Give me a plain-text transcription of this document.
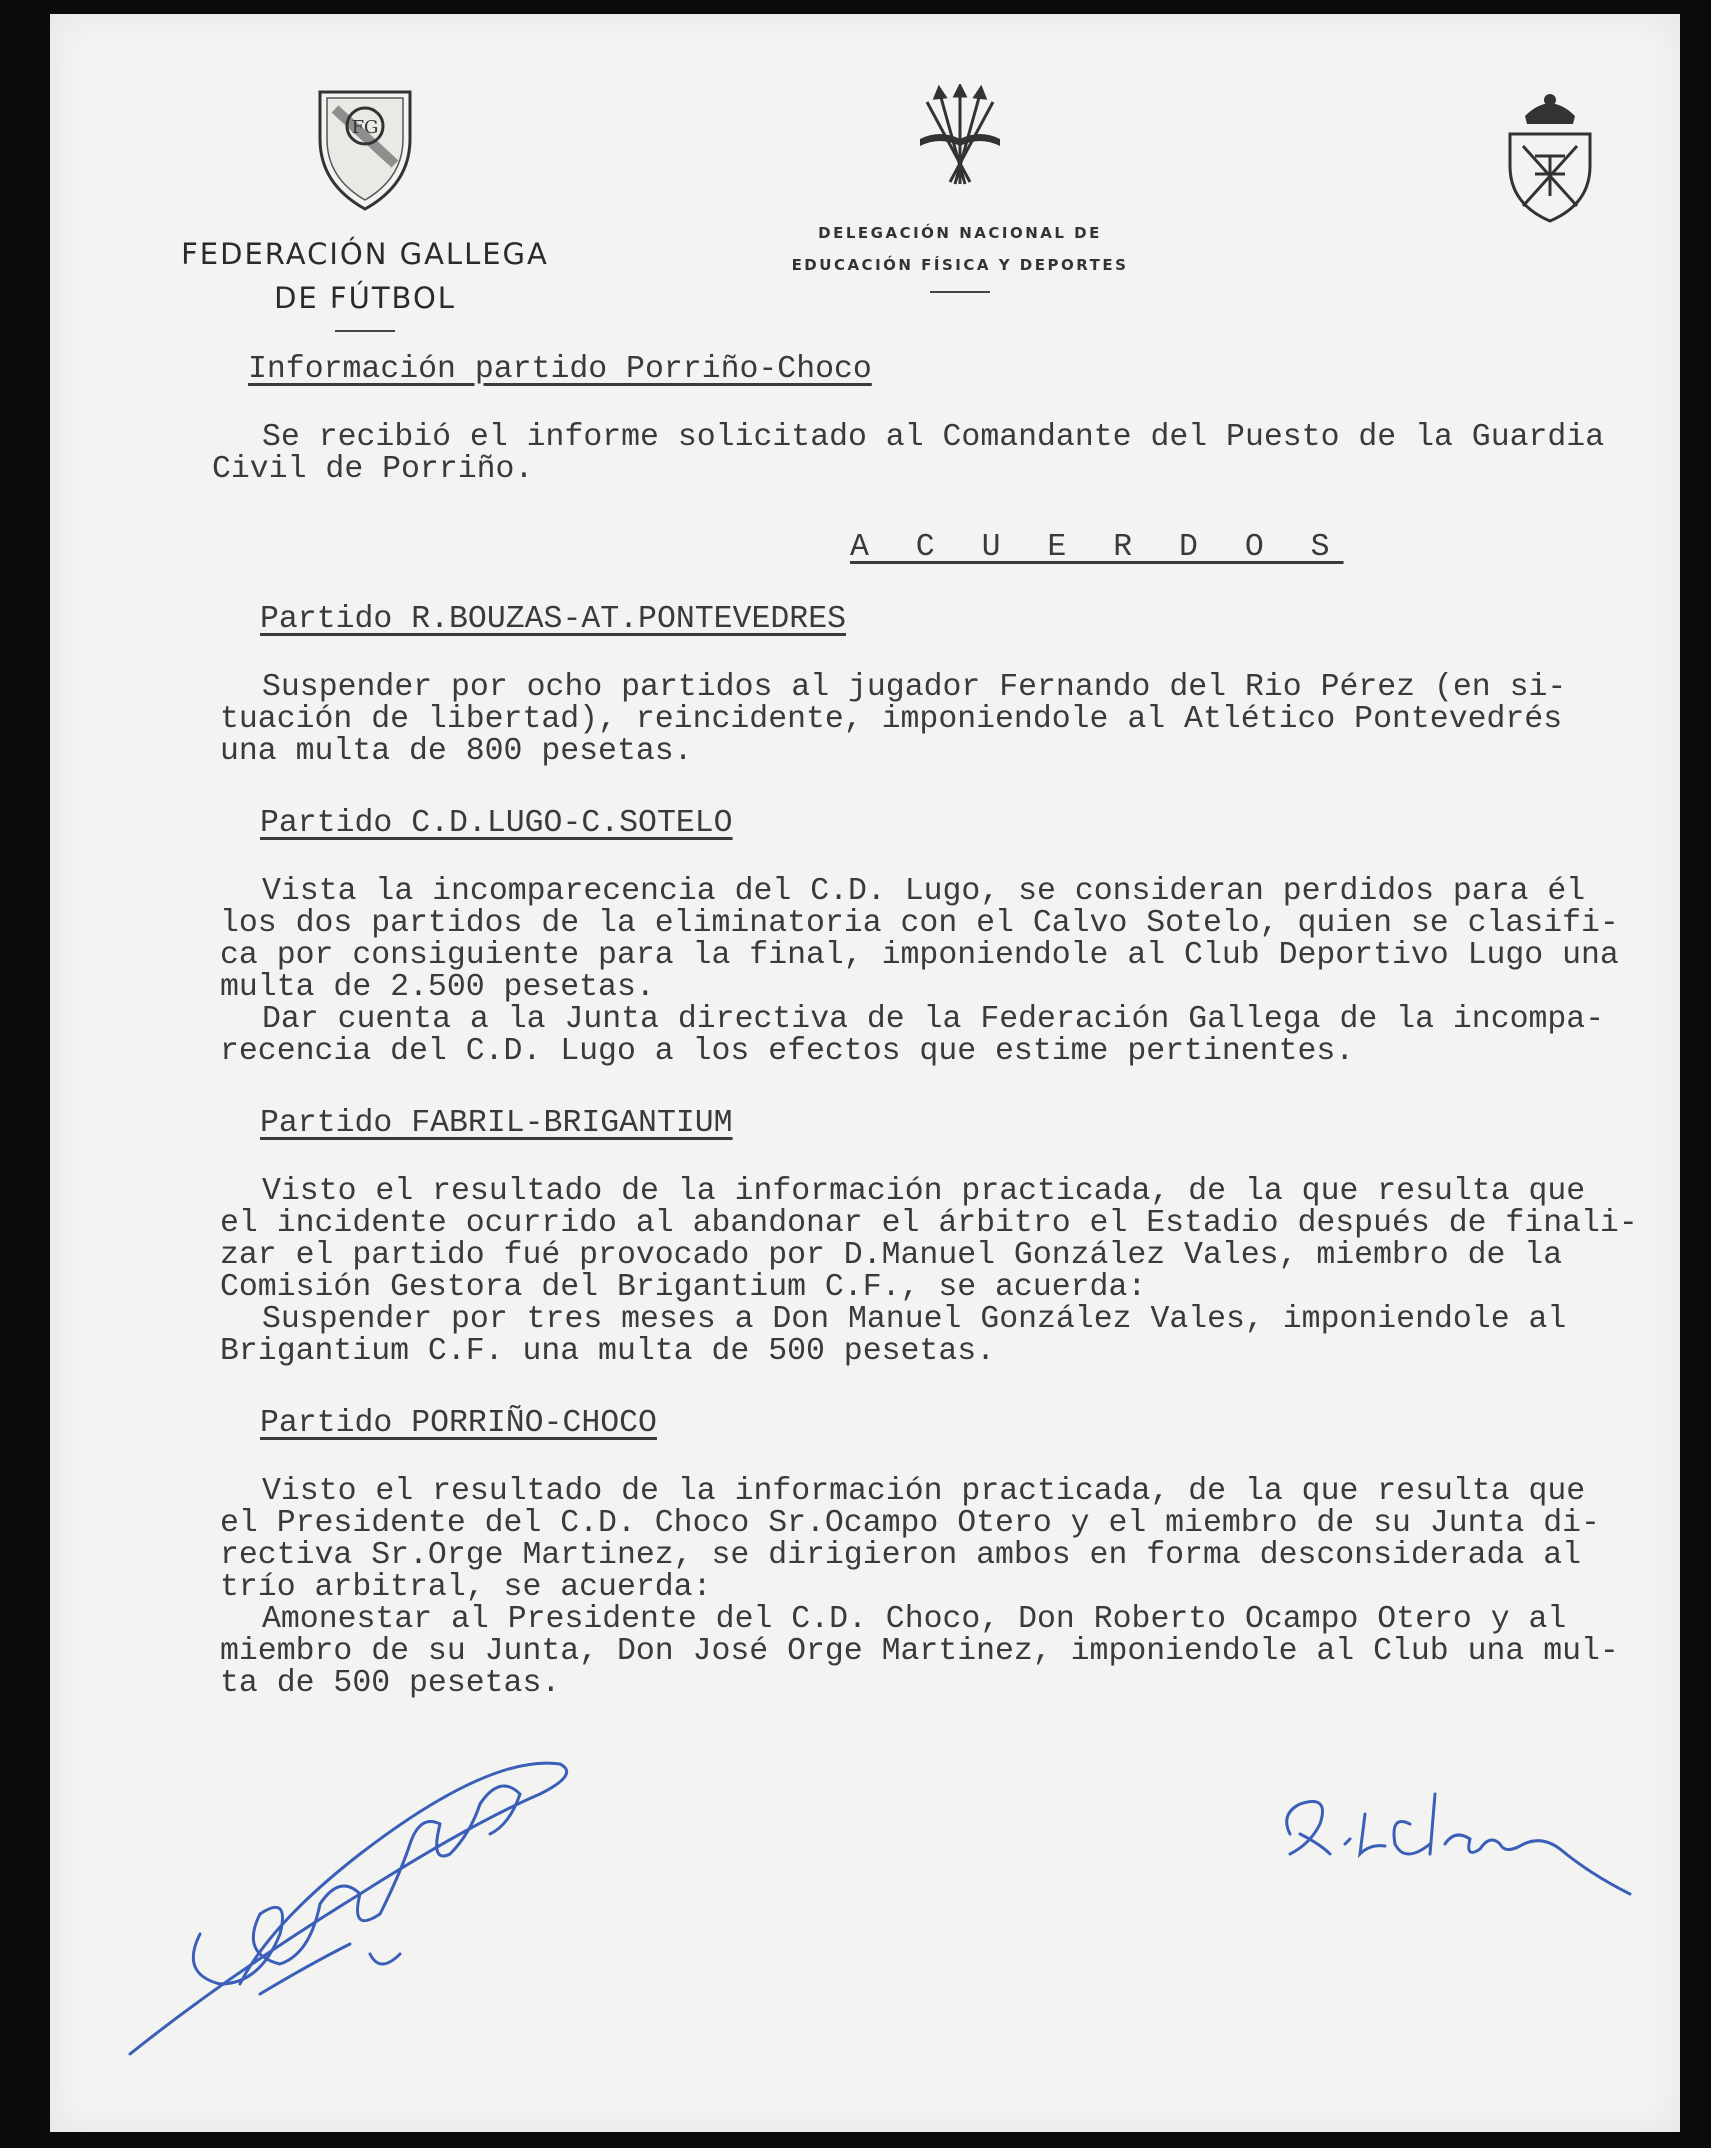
FG
FEDERACIÓN GALLEGA
DE FÚTBOL
DELEGACIÓN NACIONAL DE
EDUCACIÓN FÍSICA Y DEPORTES
Información partido Porriño-Choco
Se recibió el informe solicitado al Comandante del Puesto de la Guardia
Civil de Porriño.
A C U E R D O S
Partido R.BOUZAS-AT.PONTEVEDRES
Suspender por ocho partidos al jugador Fernando del Rio Pérez (en si-
tuación de libertad), reincidente, imponiendole al Atlético Pontevedrés
una multa de 800 pesetas.
Partido C.D.LUGO-C.SOTELO
Vista la incomparecencia del C.D. Lugo, se consideran perdidos para él
los dos partidos de la eliminatoria con el Calvo Sotelo, quien se clasifi-
ca por consiguiente para la final, imponiendole al Club Deportivo Lugo una
multa de 2.500 pesetas.
Dar cuenta a la Junta directiva de la Federación Gallega de la incompa-
recencia del C.D. Lugo a los efectos que estime pertinentes.
Partido FABRIL-BRIGANTIUM
Visto el resultado de la información practicada, de la que resulta que
el incidente ocurrido al abandonar el árbitro el Estadio después de finali-
zar el partido fué provocado por D.Manuel González Vales, miembro de la
Comisión Gestora del Brigantium C.F., se acuerda:
Suspender por tres meses a Don Manuel González Vales, imponiendole al
Brigantium C.F. una multa de 500 pesetas.
Partido PORRIÑO-CHOCO
Visto el resultado de la información practicada, de la que resulta que
el Presidente del C.D. Choco Sr.Ocampo Otero y el miembro de su Junta di-
rectiva Sr.Orge Martinez, se dirigieron ambos en forma desconsiderada al
trío arbitral, se acuerda:
Amonestar al Presidente del C.D. Choco, Don Roberto Ocampo Otero y al
miembro de su Junta, Don José Orge Martinez, imponiendole al Club una mul-
ta de 500 pesetas.
